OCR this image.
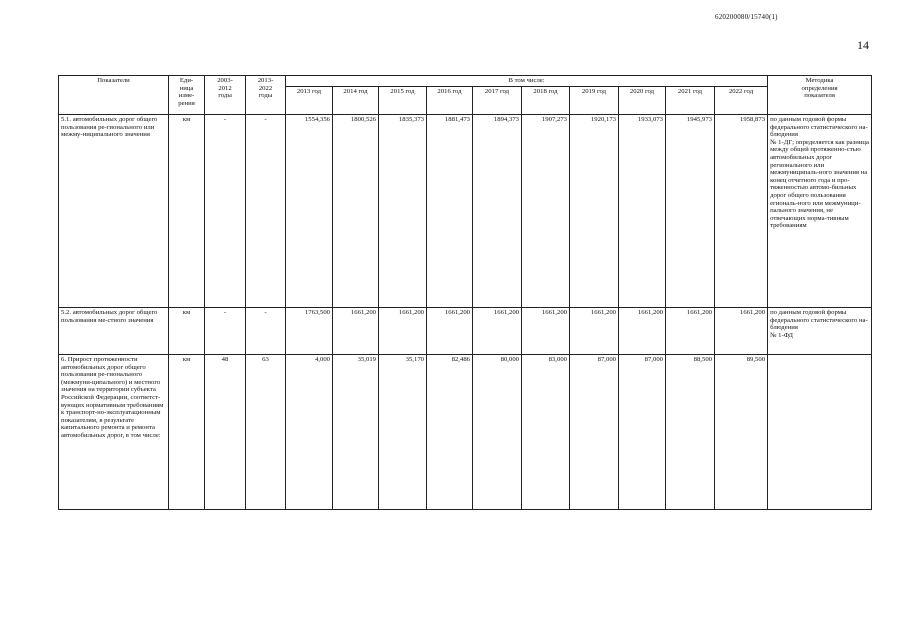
620200080/15740(1)
14
Показатели	Еди-
ница
изме-
рения	2003-
2012
годы	2013-
2022
годы	В том числе:										Методика
определения
показателя
				2013 год	2014 год	2015 год	2016 год	2017 год	2018 год	2019 год	2020 год	2021 год	2022 год	
5.1. автомобильных дорог общего пользования ре-гионального или межму-ниципального значения	км	-	-	1554,356	1800,526	1835,373	1881,473	1894,373	1907,273	1920,173	1933,073	1945,973	1958,873	по данным годовой формы федерального статистического на-блюдения
№ 1-ДГ; определяется как разница между общей протяженно-стью автомобильных дорог регионального или межмуниципаль-ного значения на конец отчетного года и про-тяженностью автомо-бильных дорог общего пользования егиональ-ного или межмуници-пального значения, не отвечающих норма-тивным требованиям
5.2. автомобильных дорог общего пользования ме-стного значения	км	-	-	1763,500	1661,200	1661,200	1661,200	1661,200	1661,200	1661,200	1661,200	1661,200	1661,200	по данным годовой формы федерального статистического на-блюдения
№ 1-ФД
6. Прирост протяженности автомобильных дорог общего пользования ре-гионального (межмуни-ципального) и местного значения на территории субъекта Российской Федерации, соответст-вующих нормативным требованиям к транспорт-но-эксплуатационным показателям, в результате капитального ремонта и ремонта автомобильных дорог, в том числе:	км	48	63	4,000	35,019	35,170	82,486	80,000	83,000	87,000	87,000	88,500	89,500	
